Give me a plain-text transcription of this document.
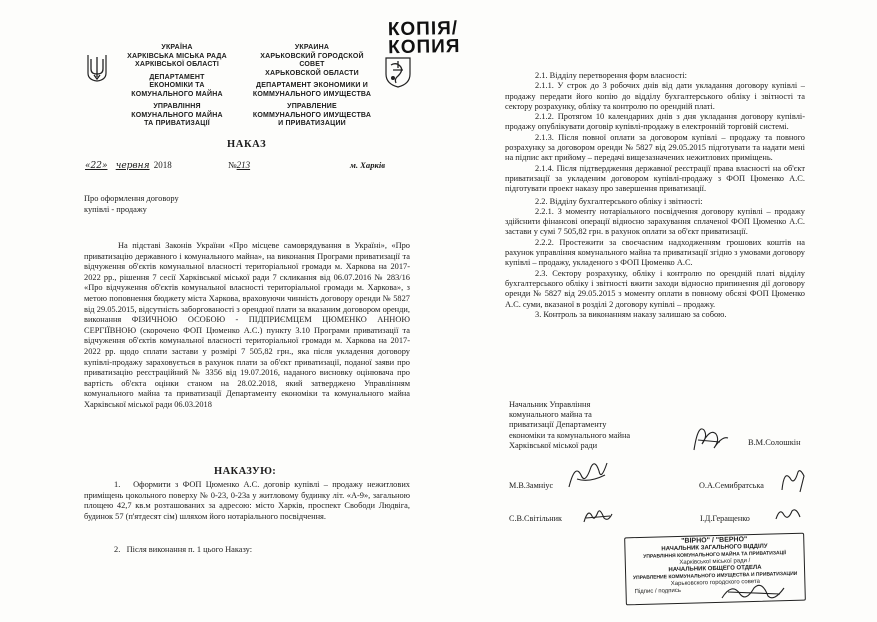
УКРАЇНА
ХАРКІВСЬКА МІСЬКА РАДА
ХАРКІВСЬКОЇ ОБЛАСТІ
ДЕПАРТАМЕНТ
ЕКОНОМІКИ ТА
КОМУНАЛЬНОГО МАЙНА
УПРАВЛІННЯ
КОМУНАЛЬНОГО МАЙНА
ТА ПРИВАТИЗАЦІЇ
УКРАИНА
ХАРЬКОВСКИЙ ГОРОДСКОЙ
СОВЕТ
ХАРЬКОВСКОЙ ОБЛАСТИ
ДЕПАРТАМЕНТ ЭКОНОМИКИ И
КОММУНАЛЬНОГО ИМУЩЕСТВА
УПРАВЛЕНИЕ
КОММУНАЛЬНОГО ИМУЩЕСТВА
И ПРИВАТИЗАЦИИ
КОПІЯ/
КОПИЯ
НАКАЗ
«22» червня 2018	№213	м. Харків
Про оформлення договору
купівлі - продажу

На підставі Законів України «Про місцеве самоврядування в Україні», «Про приватизацію державного і комунального майна», на виконання Програми приватизації та відчуження об'єктів комунальної власності територіальної громади м. Харкова на 2017-2022 рр., рішення 7 сесії Харківської міської ради 7 скликання від 06.07.2016 № 283/16 «Про відчуження об'єктів комунальної власності територіальної громади м. Харкова», з метою поповнення бюджету міста Харкова, враховуючи чинність договору оренди № 5827 від 29.05.2015, відсутність заборгованості з орендної плати за вказаним договором оренди, виконання ФІЗИЧНОЮ ОСОБОЮ - ПІДПРИЄМЦЕМ ЦЮМЕНКО АННОЮ СЕРГІЇВНОЮ (скорочено ФОП Цюменко А.С.) пункту 3.10 Програми приватизації та відчуження об'єктів комунальної власності територіальної громади м. Харкова на 2017-2022 рр. щодо сплати застави у розмірі 7 505,82 грн., яка після укладення договору купівлі-продажу зараховується в рахунок плати за об'єкт приватизації, поданої заяви про приватизацію реєстраційний № 3356 від 19.07.2016, наданого висновку оцінювача про вартість об'єкта оцінки станом на 28.02.2018, який затверджено Управлінням комунального майна та приватизації Департаменту економіки та комунального майна Харківської міської ради 06.03.2018

НАКАЗУЮ:

1. Оформити з ФОП Цюменко А.С. договір купівлі – продажу нежитлових приміщень цокольного поверху № 0-23, 0-23а у житловому будинку літ. «А-9», загальною площею 42,7 кв.м розташованих за адресою: місто Харків, проспект Свободи Людвіга, будинок 57 (п'ятдесят сім) шляхом його нотаріального посвідчення.

2. Після виконання п. 1 цього Наказу:

2.1. Відділу перетворення форм власності:

2.1.1. У строк до 3 робочих днів від дати укладання договору купівлі – продажу передати його копію до відділу бухгалтерського обліку і звітності та сектору розрахунку, обліку та контролю по орендній платі.

2.1.2. Протягом 10 календарних днів з дня укладання договору купівлі-продажу опублікувати договір купівлі-продажу в електронній торговій системі.

2.1.3. Після повної оплати за договором купівлі – продажу та повного розрахунку за договором оренди № 5827 від 29.05.2015 підготувати та надати мені на підпис акт прийому – передачі вищезазначених нежитлових приміщень.

2.1.4. Після підтвердження державної реєстрації права власності на об'єкт приватизації за укладеним договором купівлі-продажу з ФОП Цюменко А.С. підготувати проект наказу про завершення приватизації.

2.2. Відділу бухгалтерського обліку і звітності:

2.2.1. З моменту нотаріального посвідчення договору купівлі – продажу здійснити фінансові операції відносно зарахування сплаченої ФОП Цюменко А.С. застави у сумі 7 505,82 грн. в рахунок оплати за об'єкт приватизації.

2.2.2. Простежити за своєчасним надходженням грошових коштів на рахунок управління комунального майна та приватизації згідно з умовами договору купівлі – продажу, укладеного з ФОП Цюменко А.С.

2.3. Сектору розрахунку, обліку і контролю по орендній платі відділу бухгалтерського обліку і звітності вжити заходи відносно припинення дії договору оренди № 5827 від 29.05.2015 з моменту оплати в повному обсязі ФОП Цюменко А.С. суми, вказаної в розділі 2 договору купівлі – продажу.

3. Контроль за виконанням наказу залишаю за собою.

Начальник Управління
комунального майна та
приватизації Департаменту
економіки та комунального майна
Харківської міської ради	В.М.Солошкін
М.В.Замніус	О.А.Семибратська
С.В.Світільник	І.Д.Геращенко
"ВІРНО" / "ВЕРНО"
НАЧАЛЬНИК ЗАГАЛЬНОГО ВІДДІЛУ
УПРАВЛІННЯ КОМУНАЛЬНОГО МАЙНА ТА ПРИВАТИЗАЦІЇ
Харківської міської ради /
НАЧАЛЬНИК ОБЩЕГО ОТДЕЛА
УПРАВЛЕНИЕ КОММУНАЛЬНОГО ИМУЩЕСТВА И ПРИВАТИЗАЦИИ
Харьковского городского совета
Підпис / подпись
